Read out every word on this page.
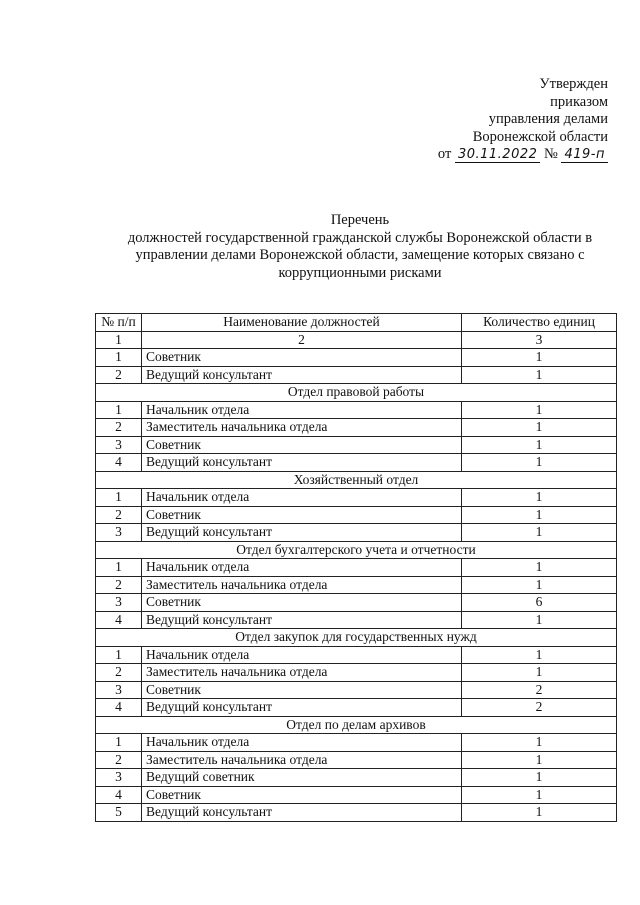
Утвержден
приказом
управления делами
Воронежской области
от 30.11.2022 № 419-п
Перечень
должностей государственной гражданской службы Воронежской области в управлении делами Воронежской области, замещение которых связано с коррупционными рисками
№ п/п	Наименование должностей	Количество единиц
1	2	3
1	Советник	1
2	Ведущий консультант	1
Отдел правовой работы		
1	Начальник отдела	1
2	Заместитель начальника отдела	1
3	Советник	1
4	Ведущий консультант	1
Хозяйственный отдел		
1	Начальник отдела	1
2	Советник	1
3	Ведущий консультант	1
Отдел бухгалтерского учета и отчетности		
1	Начальник отдела	1
2	Заместитель начальника отдела	1
3	Советник	6
4	Ведущий консультант	1
Отдел закупок для государственных нужд		
1	Начальник отдела	1
2	Заместитель начальника отдела	1
3	Советник	2
4	Ведущий консультант	2
Отдел по делам архивов		
1	Начальник отдела	1
2	Заместитель начальника отдела	1
3	Ведущий советник	1
4	Советник	1
5	Ведущий консультант	1
